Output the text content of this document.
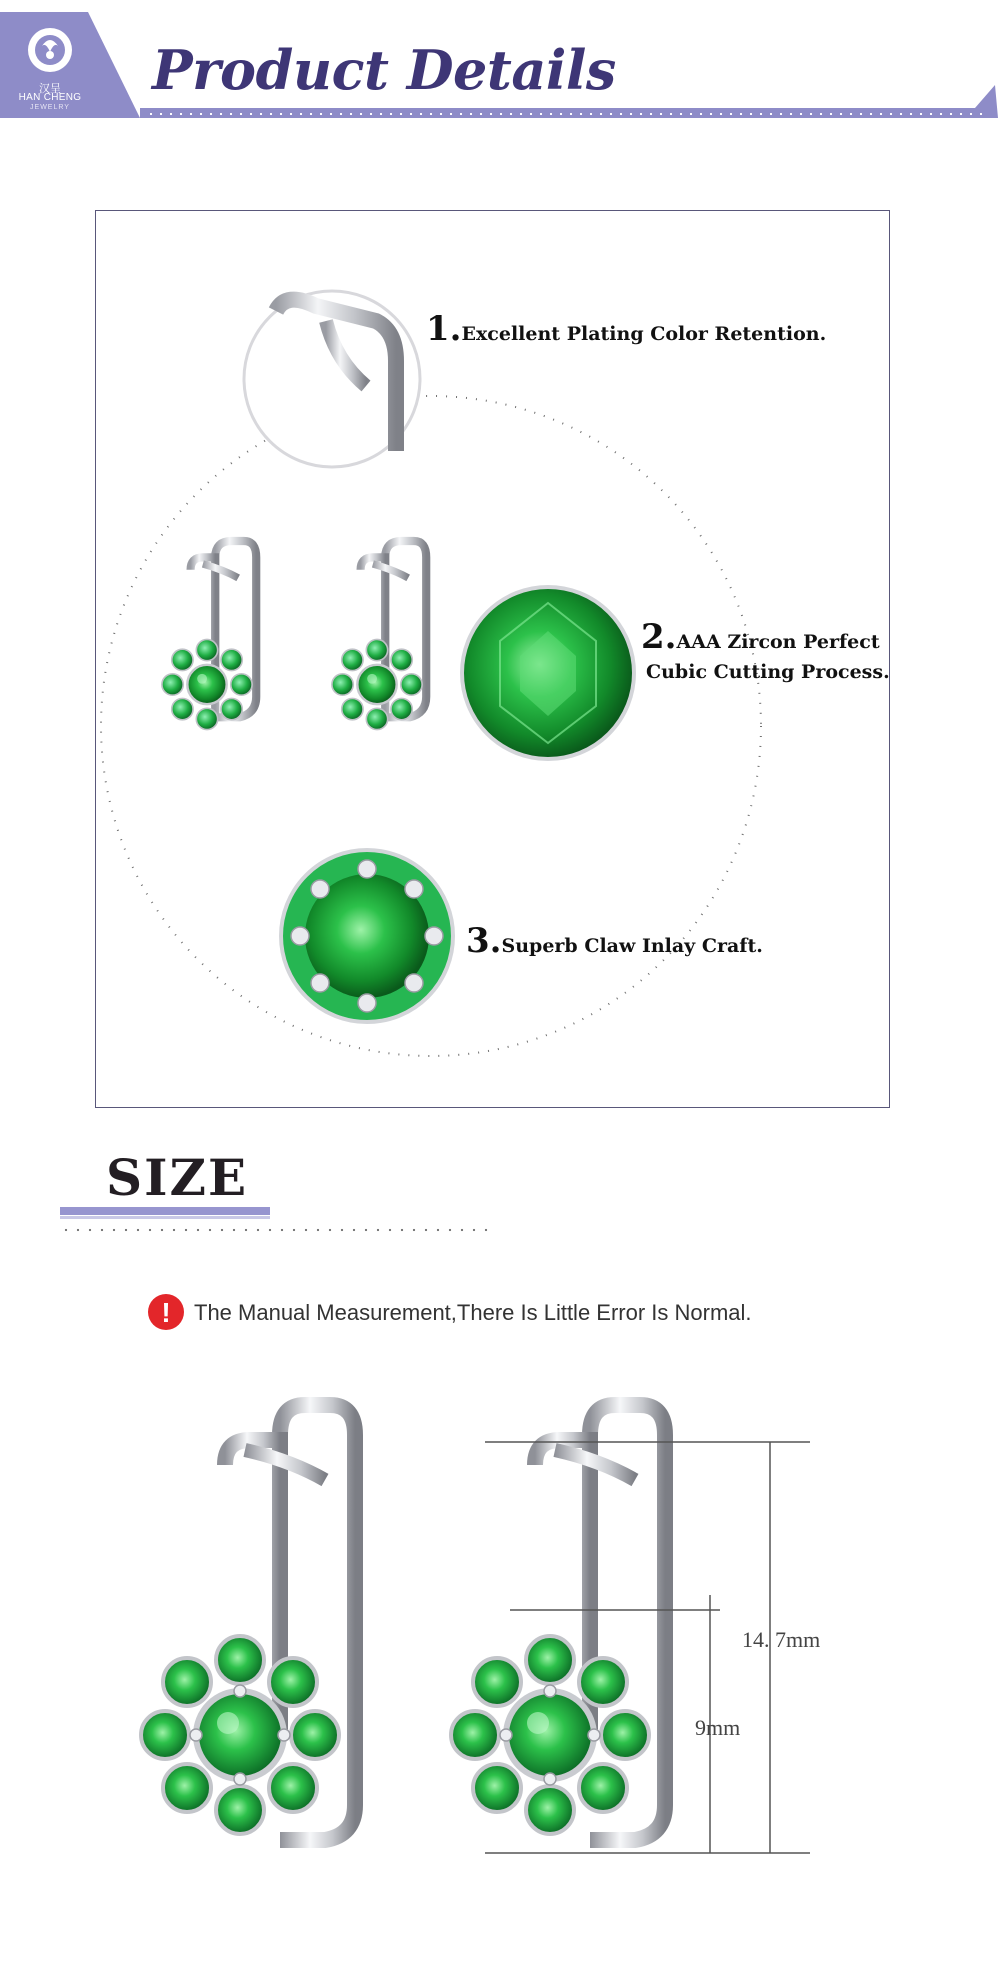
汉呈
HAN CHENG
JEWELRY
Product Details
1.Excellent Plating Color Retention.
2.AAA Zircon Perfect
Cubic Cutting Process.
3.Superb Claw Inlay Craft.
SIZE
!	The Manual Measurement,There Is Little Error Is Normal.
14. 7mm
9mm
